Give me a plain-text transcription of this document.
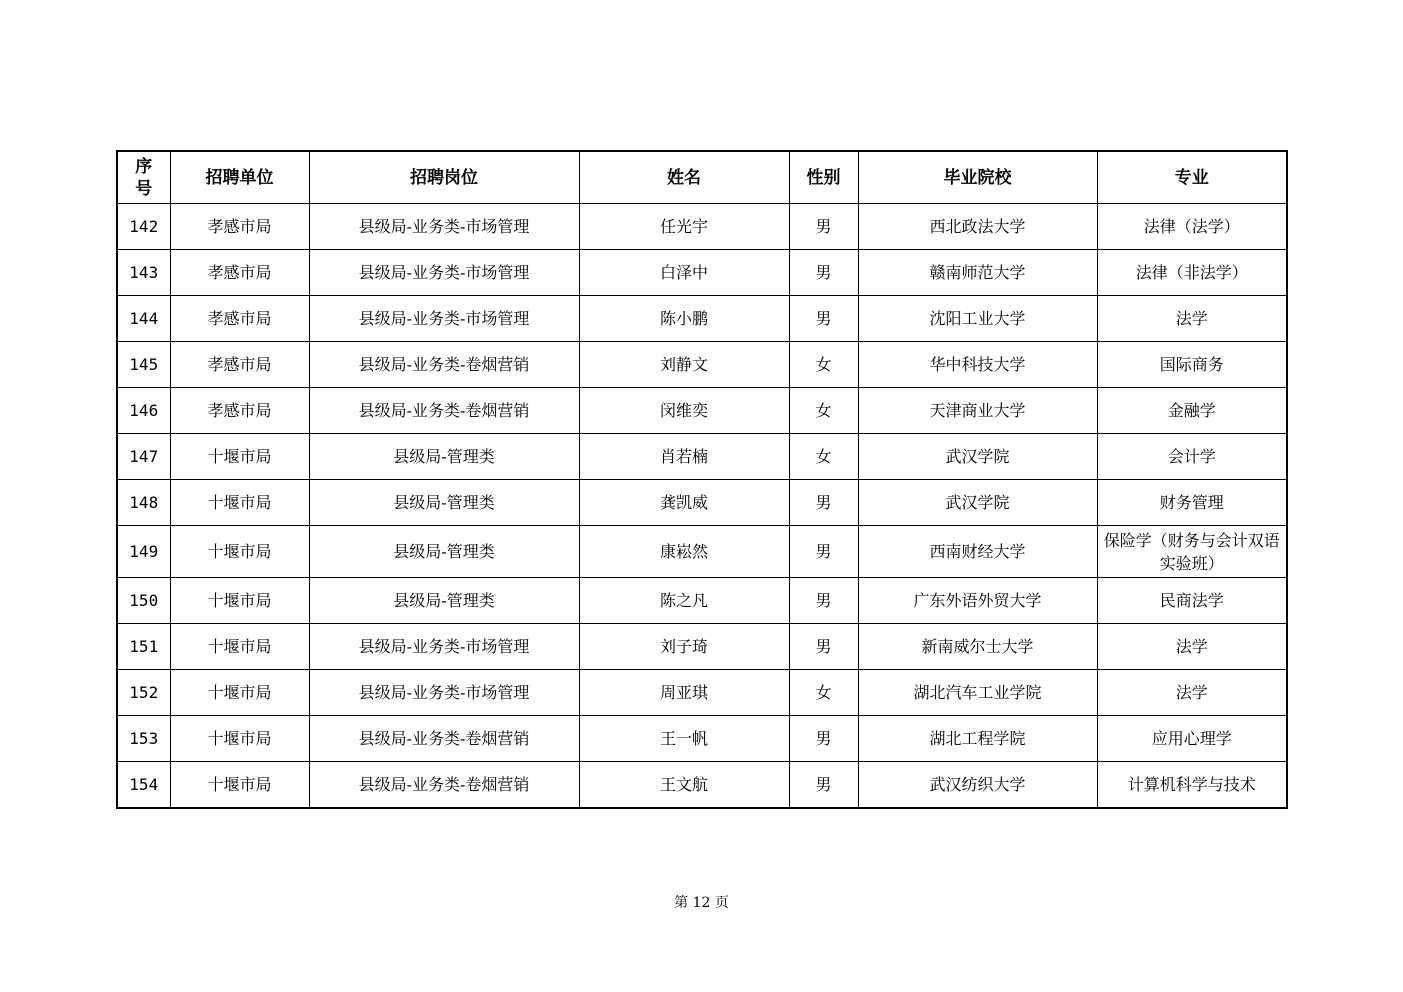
序号	招聘单位	招聘岗位	姓名	性别	毕业院校	专业
142	孝感市局	县级局-业务类-市场管理	任光宇	男	西北政法大学	法律（法学）
143	孝感市局	县级局-业务类-市场管理	白泽中	男	赣南师范大学	法律（非法学）
144	孝感市局	县级局-业务类-市场管理	陈小鹏	男	沈阳工业大学	法学
145	孝感市局	县级局-业务类-卷烟营销	刘静文	女	华中科技大学	国际商务
146	孝感市局	县级局-业务类-卷烟营销	闵维奕	女	天津商业大学	金融学
147	十堰市局	县级局-管理类	肖若楠	女	武汉学院	会计学
148	十堰市局	县级局-管理类	龚凯威	男	武汉学院	财务管理
149	十堰市局	县级局-管理类	康崧然	男	西南财经大学	保险学（财务与会计双语实验班）
150	十堰市局	县级局-管理类	陈之凡	男	广东外语外贸大学	民商法学
151	十堰市局	县级局-业务类-市场管理	刘子琦	男	新南威尔士大学	法学
152	十堰市局	县级局-业务类-市场管理	周亚琪	女	湖北汽车工业学院	法学
153	十堰市局	县级局-业务类-卷烟营销	王一帆	男	湖北工程学院	应用心理学
154	十堰市局	县级局-业务类-卷烟营销	王文航	男	武汉纺织大学	计算机科学与技术
第 12 页
